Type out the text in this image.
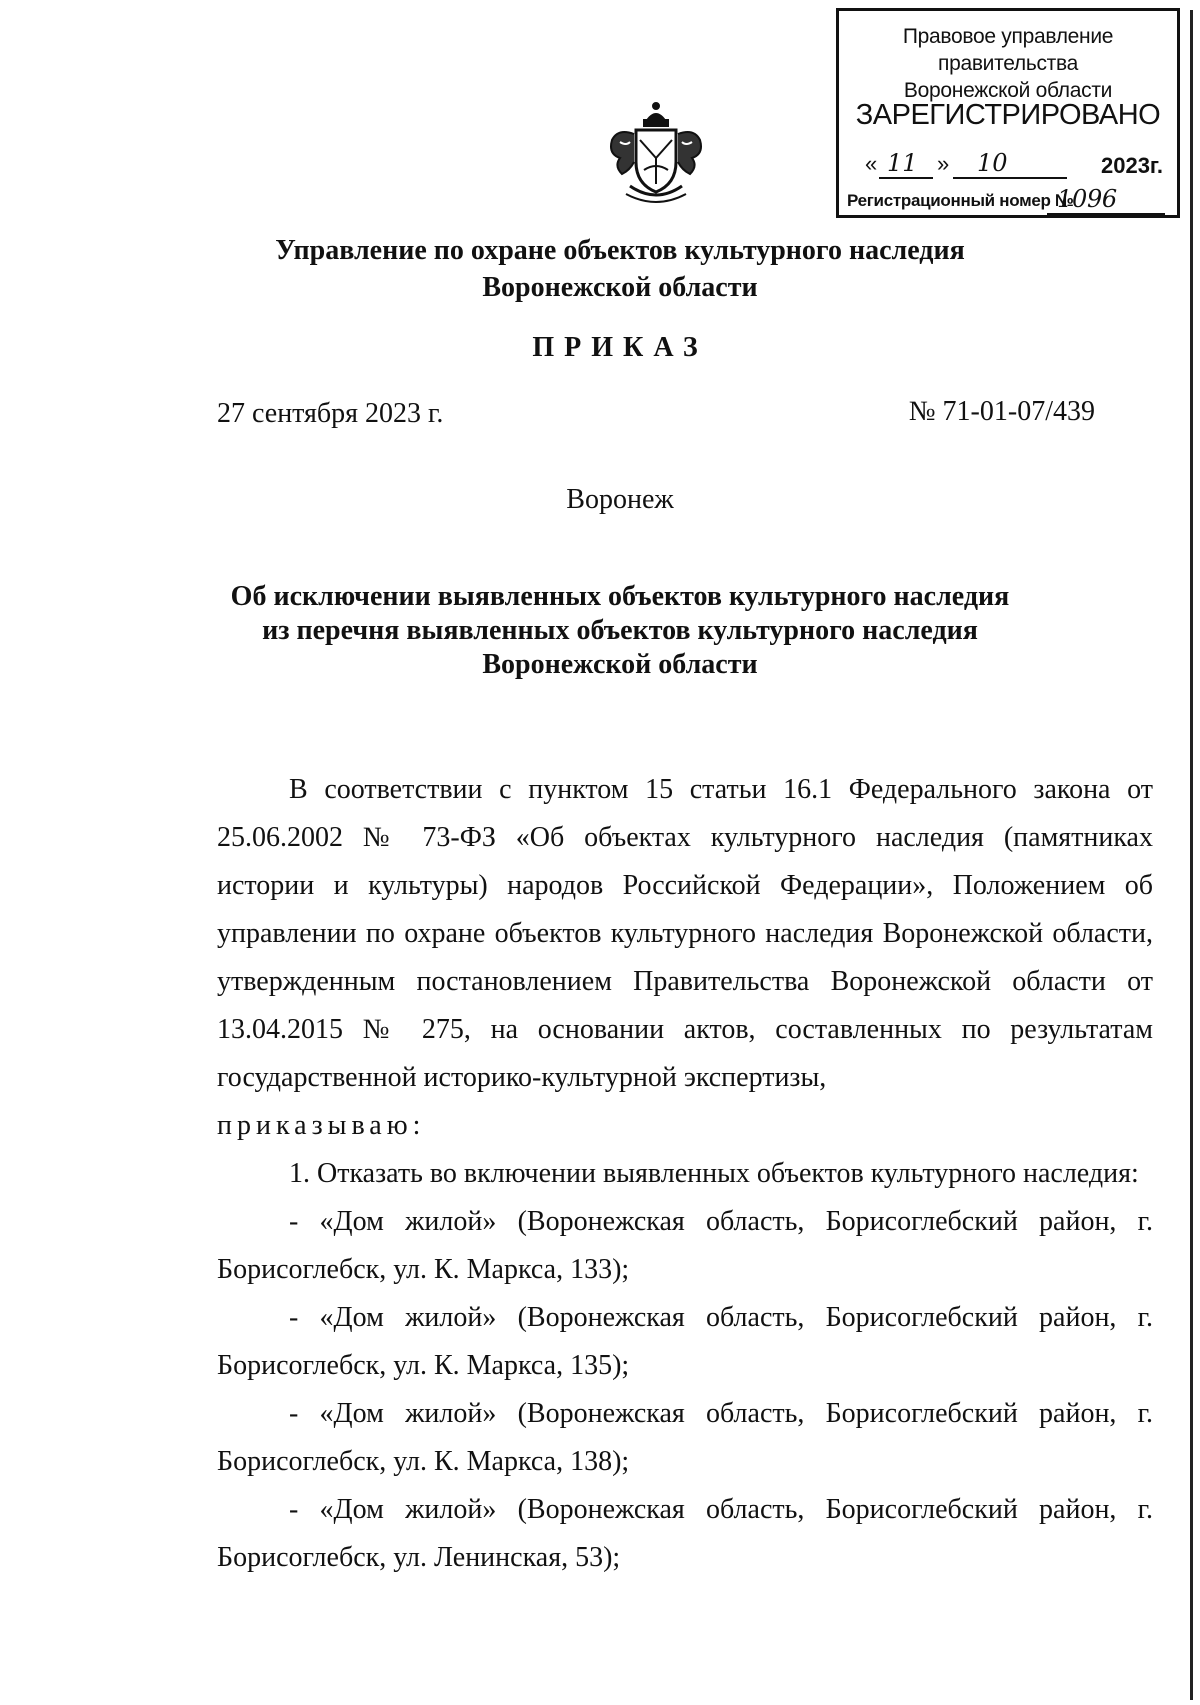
Правовое управление правительства
Воронежской области
ЗАРЕГИСТРИРОВАНО
« 11 » 10	2023г.
Регистрационный номер №
1096
Управление по охране объектов культурного наследия
Воронежской области
ПРИКАЗ
27 сентября 2023 г.	№ 71-01-07/439
Воронеж
Об исключении выявленных объектов культурного наследия
из перечня выявленных объектов культурного наследия
Воронежской области

В соответствии с пунктом 15 статьи 16.1 Федерального закона от 25.06.2002 № 73-ФЗ «Об объектах культурного наследия (памятниках истории и культуры) народов Российской Федерации», Положением об управлении по охране объектов культурного наследия Воронежской области, утвержденным постановлением Правительства Воронежской области от 13.04.2015 № 275, на основании актов, составленных по результатам государственной историко-культурной экспертизы,

приказываю:

1. Отказать во включении выявленных объектов культурного наследия:

- «Дом жилой» (Воронежская область, Борисоглебский район, г. Борисоглебск, ул. К. Маркса, 133);

- «Дом жилой» (Воронежская область, Борисоглебский район, г. Борисоглебск, ул. К. Маркса, 135);

- «Дом жилой» (Воронежская область, Борисоглебский район, г. Борисоглебск, ул. К. Маркса, 138);

- «Дом жилой» (Воронежская область, Борисоглебский район, г. Борисоглебск, ул. Ленинская, 53);
